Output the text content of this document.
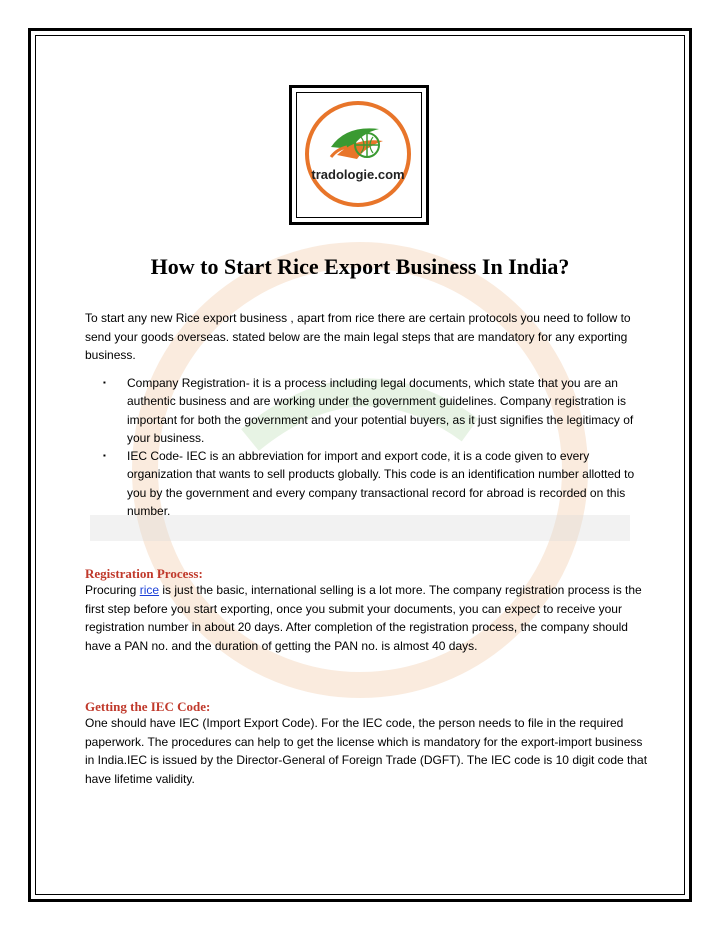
tradologie.com
How to Start Rice Export Business In India?

To start any new Rice export business , apart from rice there are certain protocols you need to follow to send your goods overseas. stated below are the main legal steps that are mandatory for any exporting business.

▪ Company Registration- it is a process including legal documents, which state that you are an authentic business and are working under the government guidelines. Company registration is important for both the government and your potential buyers, as it just signifies the legitimacy of your business.
▪ IEC Code- IEC is an abbreviation for import and export code, it is a code given to every organization that wants to sell products globally. This code is an identification number allotted to you by the government and every company transactional record for abroad is recorded on this number.
Registration Process:

Procuring rice is just the basic, international selling is a lot more. The company registration process is the first step before you start exporting, once you submit your documents, you can expect to receive your registration number in about 20 days. After completion of the registration process, the company should have a PAN no. and the duration of getting the PAN no. is almost 40 days.

Getting the IEC Code:

One should have IEC (Import Export Code). For the IEC code, the person needs to file in the required paperwork. The procedures can help to get the license which is mandatory for the export-import business in India.IEC is issued by the Director-General of Foreign Trade (DGFT). The IEC code is 10 digit code that have lifetime validity.
